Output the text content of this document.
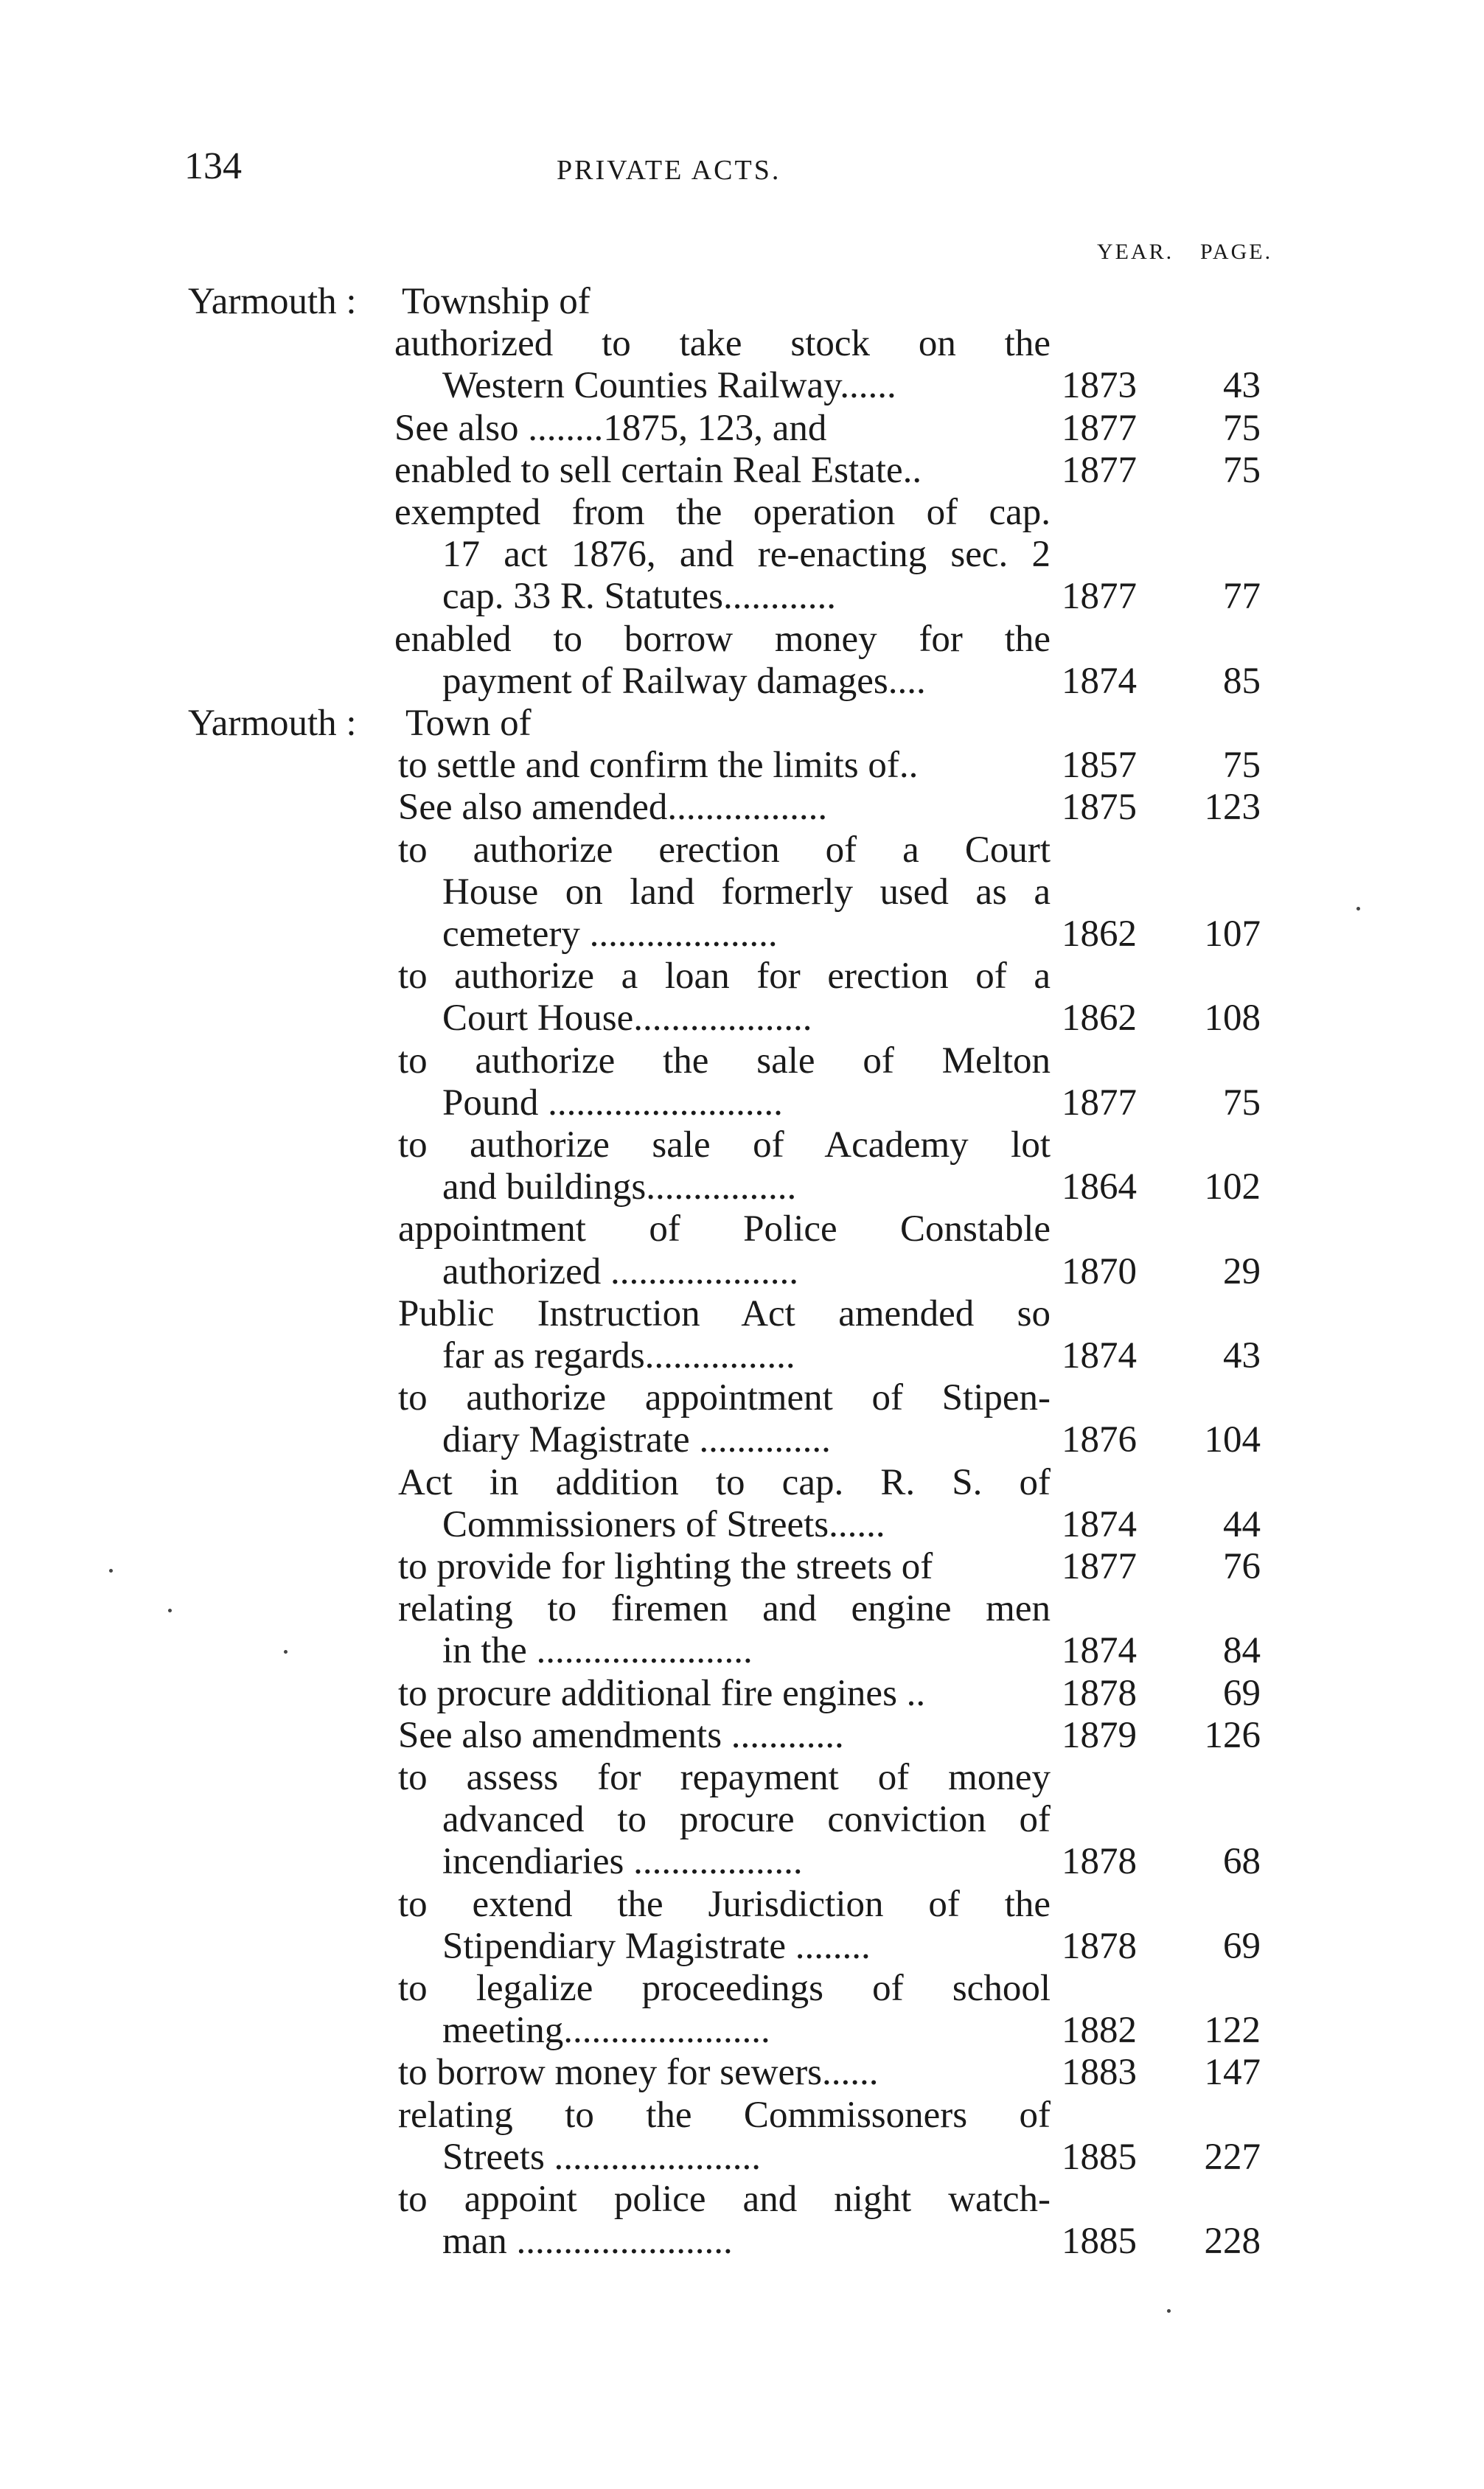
134	PRIVATE ACTS.
YEAR. PAGE.
Yarmouth : Township of
authorized to take stock on the
Western Counties Railway......	1873	43
See also ........1875, 123, and	1877	75
enabled to sell certain Real Estate..	1877	75
exempted from the operation of cap.
17 act 1876, and re-enacting sec. 2
cap. 33 R. Statutes............	1877	77
enabled to borrow money for the
payment of Railway damages....	1874	85
Yarmouth : Town of
to settle and confirm the limits of..	1857	75
See also amended.................	1875	123
to authorize erection of a Court
House on land formerly used as a
cemetery ....................	1862	107
to authorize a loan for erection of a
Court House...................	1862	108
to authorize the sale of Melton
Pound .........................	1877	75
to authorize sale of Academy lot
and buildings................	1864	102
appointment of Police Constable
authorized ....................	1870	29
Public Instruction Act amended so
far as regards................	1874	43
to authorize appointment of Stipen-
diary Magistrate ..............	1876	104
Act in addition to cap. R. S. of
Commissioners of Streets......	1874	44
to provide for lighting the streets of	1877	76
relating to firemen and engine men
in the .......................	1874	84
to procure additional fire engines ..	1878	69
See also amendments ............	1879	126
to assess for repayment of money
advanced to procure conviction of
incendiaries ..................	1878	68
to extend the Jurisdiction of the
Stipendiary Magistrate ........	1878	69
to legalize proceedings of school
meeting......................	1882	122
to borrow money for sewers......	1883	147
relating to the Commissoners of
Streets ......................	1885	227
to appoint police and night watch-
man .......................	1885	228
